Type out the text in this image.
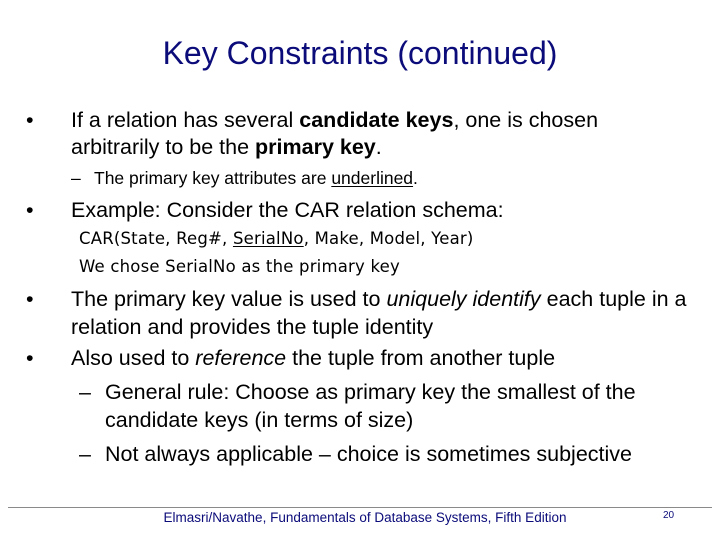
Key Constraints (continued)
•	If a relation has several candidate keys, one is chosen arbitrarily to be the primary key.
– The primary key attributes are underlined.
•	Example: Consider the CAR relation schema:
CAR(State, Reg#, SerialNo, Make, Model, Year)
We chose SerialNo as the primary key
•	The primary key value is used to uniquely identify each tuple in a relation and provides the tuple identity
•	Also used to reference the tuple from another tuple
– General rule: Choose as primary key the smallest of the candidate keys (in terms of size)
– Not always applicable – choice is sometimes subjective
Elmasri/Navathe, Fundamentals of Database Systems, Fifth Edition	20
